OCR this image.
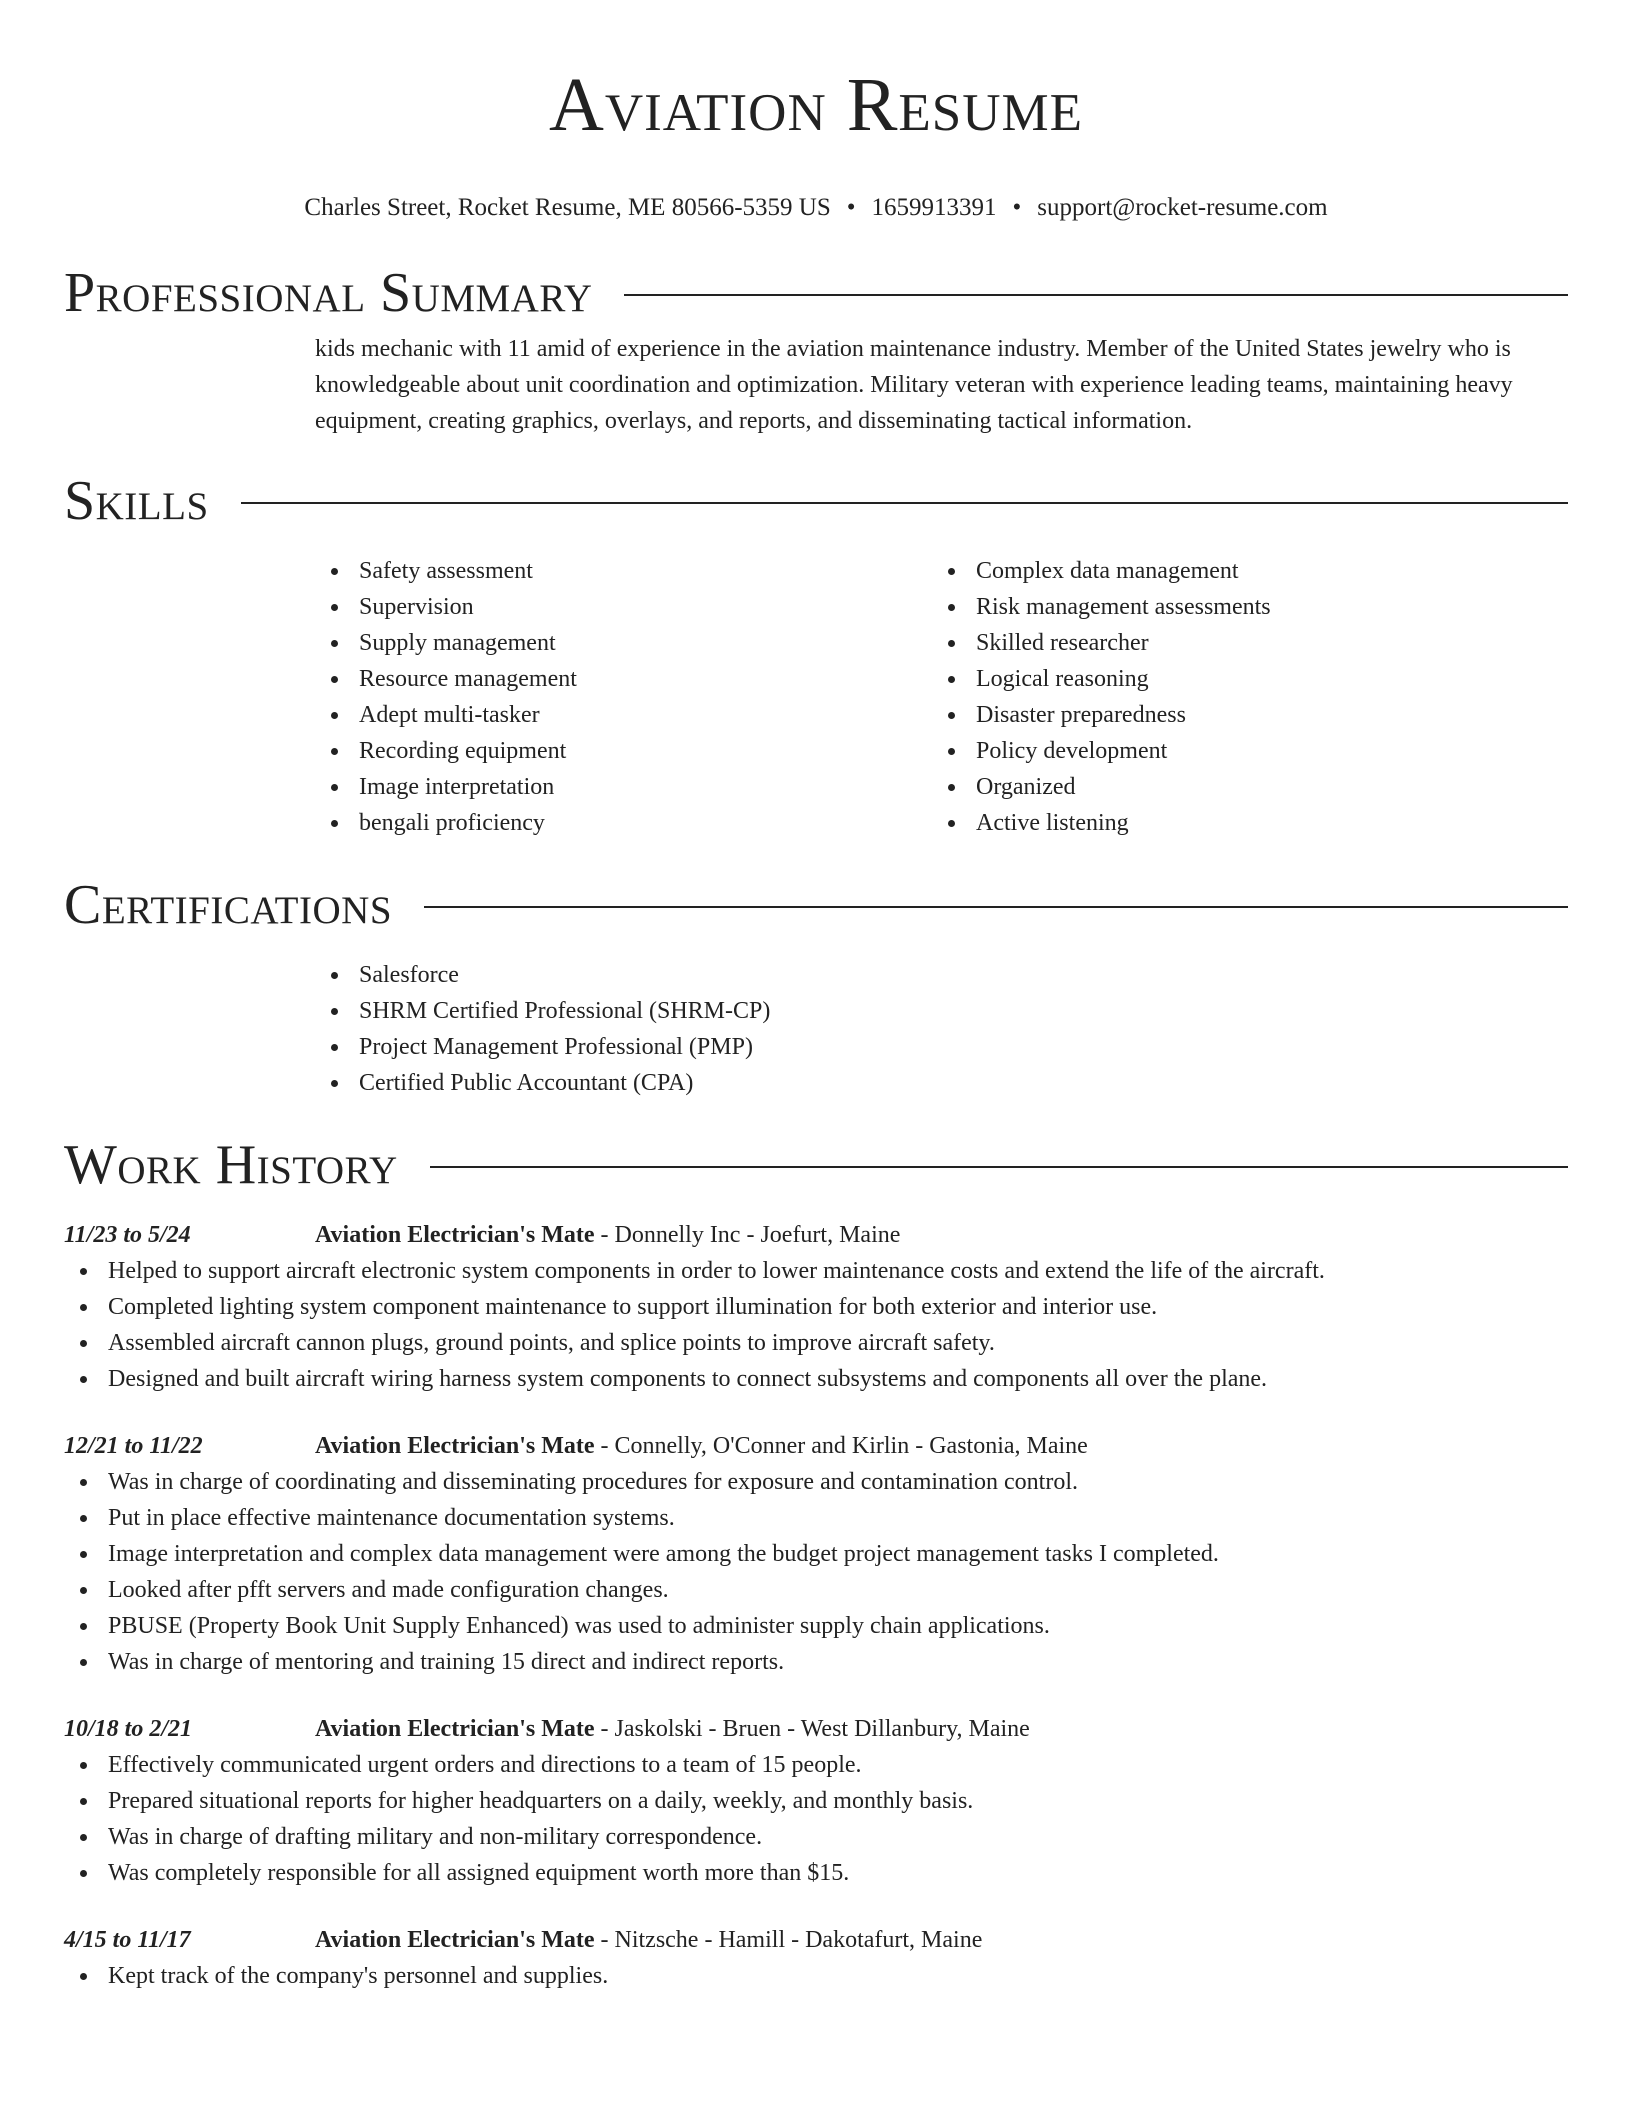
Aviation Resume
Charles Street, Rocket Resume, ME 80566-5359 US • 1659913391 • support@rocket-resume.com
Professional Summary

kids mechanic with 11 amid of experience in the aviation maintenance industry. Member of the United States jewelry who is knowledgeable about unit coordination and optimization. Military veteran with experience leading teams, maintaining heavy equipment, creating graphics, overlays, and reports, and disseminating tactical information.

Skills
Safety assessment
Supervision
Supply management
Resource management
Adept multi-tasker
Recording equipment
Image interpretation
bengali proficiency
Complex data management
Risk management assessments
Skilled researcher
Logical reasoning
Disaster preparedness
Policy development
Organized
Active listening
Certifications
Salesforce
SHRM Certified Professional (SHRM-CP)
Project Management Professional (PMP)
Certified Public Accountant (CPA)
Work History
11/23 to 5/24	Aviation Electrician's Mate - Donnelly Inc - Joefurt, Maine
Helped to support aircraft electronic system components in order to lower maintenance costs and extend the life of the aircraft.
Completed lighting system component maintenance to support illumination for both exterior and interior use.
Assembled aircraft cannon plugs, ground points, and splice points to improve aircraft safety.
Designed and built aircraft wiring harness system components to connect subsystems and components all over the plane.
12/21 to 11/22	Aviation Electrician's Mate - Connelly, O'Conner and Kirlin - Gastonia, Maine
Was in charge of coordinating and disseminating procedures for exposure and contamination control.
Put in place effective maintenance documentation systems.
Image interpretation and complex data management were among the budget project management tasks I completed.
Looked after pfft servers and made configuration changes.
PBUSE (Property Book Unit Supply Enhanced) was used to administer supply chain applications.
Was in charge of mentoring and training 15 direct and indirect reports.
10/18 to 2/21	Aviation Electrician's Mate - Jaskolski - Bruen - West Dillanbury, Maine
Effectively communicated urgent orders and directions to a team of 15 people.
Prepared situational reports for higher headquarters on a daily, weekly, and monthly basis.
Was in charge of drafting military and non-military correspondence.
Was completely responsible for all assigned equipment worth more than $15.
4/15 to 11/17	Aviation Electrician's Mate - Nitzsche - Hamill - Dakotafurt, Maine
Kept track of the company's personnel and supplies.
